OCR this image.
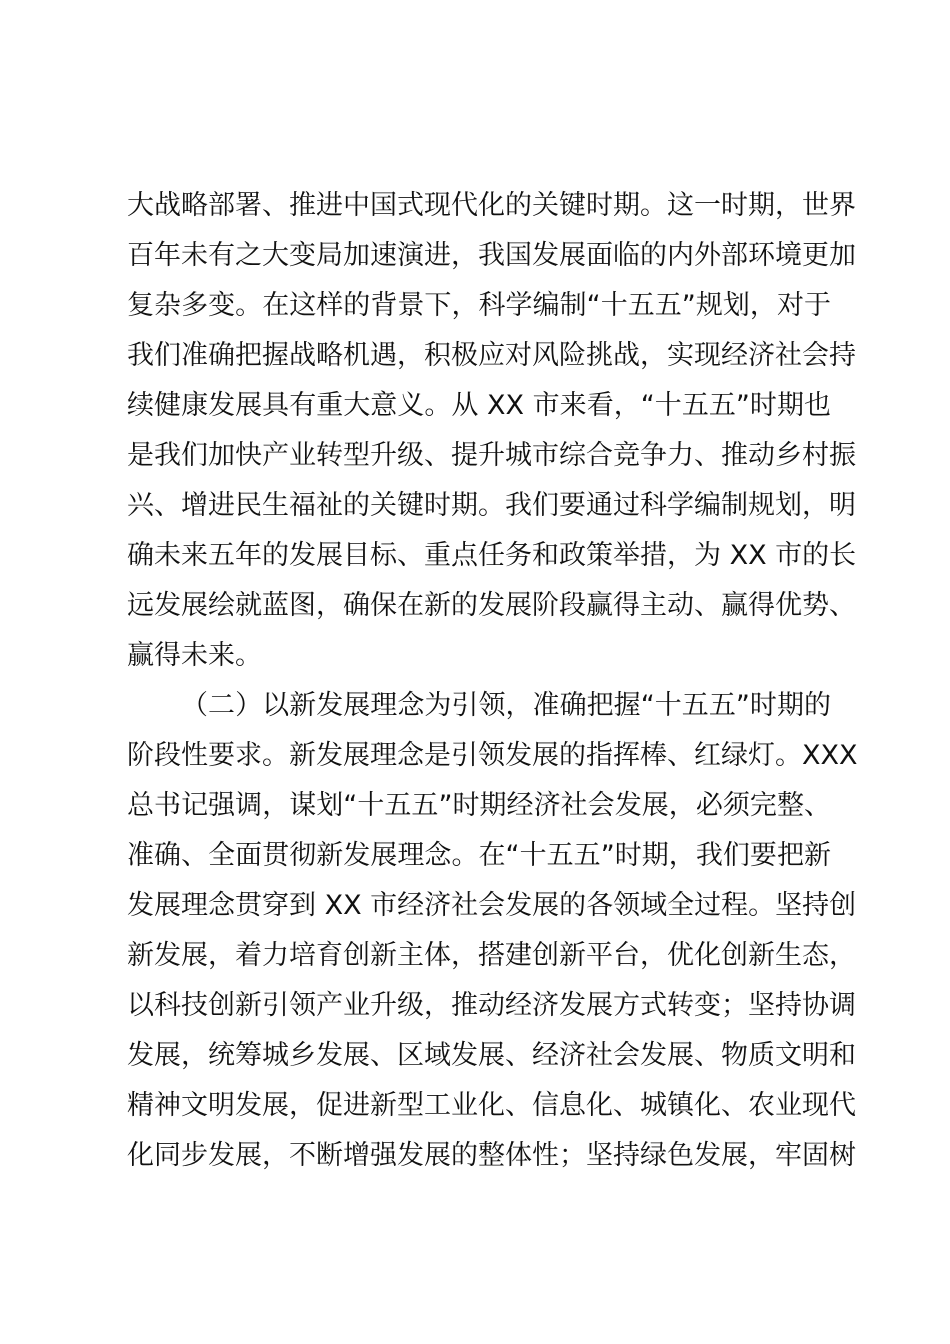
大战略部署、推进中国式现代化的关键时期。这一时期，世界
百年未有之大变局加速演进，我国发展面临的内外部环境更加
复杂多变。在这样的背景下，科学编制“十五五”规划，对于
我们准确把握战略机遇，积极应对风险挑战，实现经济社会持
续健康发展具有重大意义。从 XX 市来看，“十五五”时期也
是我们加快产业转型升级、提升城市综合竞争力、推动乡村振
兴、增进民生福祉的关键时期。我们要通过科学编制规划，明
确未来五年的发展目标、重点任务和政策举措，为 XX 市的长
远发展绘就蓝图，确保在新的发展阶段赢得主动、赢得优势、
赢得未来。
（二）以新发展理念为引领，准确把握“十五五”时期的
阶段性要求。新发展理念是引领发展的指挥棒、红绿灯。XXX
总书记强调，谋划“十五五”时期经济社会发展，必须完整、
准确、全面贯彻新发展理念。在“十五五”时期，我们要把新
发展理念贯穿到 XX 市经济社会发展的各领域全过程。坚持创
新发展，着力培育创新主体，搭建创新平台，优化创新生态，
以科技创新引领产业升级，推动经济发展方式转变；坚持协调
发展，统筹城乡发展、区域发展、经济社会发展、物质文明和
精神文明发展，促进新型工业化、信息化、城镇化、农业现代
化同步发展，不断增强发展的整体性；坚持绿色发展，牢固树
